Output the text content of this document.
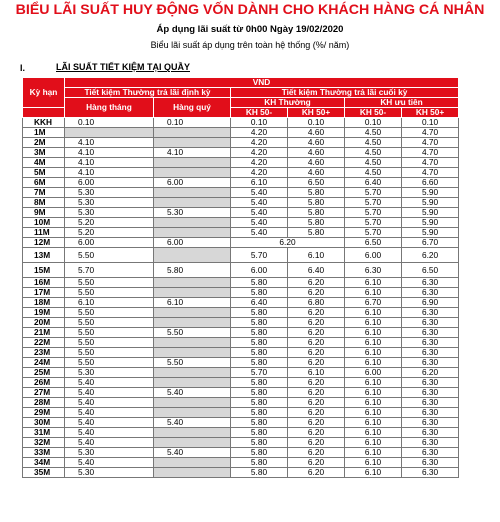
BIỂU LÃI SUẤT HUY ĐỘNG VỐN DÀNH CHO KHÁCH HÀNG CÁ NHÂN
Áp dụng lãi suất từ 0h00 Ngày 19/02/2020
Biểu lãi suất áp dụng trên toàn hệ thống (%/ năm)
I.	LÃI SUẤT TIẾT KIỆM TẠI QUẦY
Kỳ hạn	VND					
	Tiết kiệm Thường trả lãi định kỳ		Tiết kiệm Thường trả lãi cuối kỳ			
	Hàng tháng	Hàng quý	KH Thường		KH ưu tiên	
			KH 50-	KH 50+	KH 50-	KH 50+
KKH	0.10	0.10	0.10	0.10	0.10	0.10
1M			4.20	4.60	4.50	4.70
2M	4.10		4.20	4.60	4.50	4.70
3M	4.10	4.10	4.20	4.60	4.50	4.70
4M	4.10		4.20	4.60	4.50	4.70
5M	4.10		4.20	4.60	4.50	4.70
6M	6.00	6.00	6.10	6.50	6.40	6.60
7M	5.30		5.40	5.80	5.70	5.90
8M	5.30		5.40	5.80	5.70	5.90
9M	5.30	5.30	5.40	5.80	5.70	5.90
10M	5.20		5.40	5.80	5.70	5.90
11M	5.20		5.40	5.80	5.70	5.90
12M	6.00	6.00	6.20		6.50	6.70
13M	5.50		5.70	6.10	6.00	6.20
15M	5.70	5.80	6.00	6.40	6.30	6.50
16M	5.50		5.80	6.20	6.10	6.30
17M	5.50		5.80	6.20	6.10	6.30
18M	6.10	6.10	6.40	6.80	6.70	6.90
19M	5.50		5.80	6.20	6.10	6.30
20M	5.50		5.80	6.20	6.10	6.30
21M	5.50	5.50	5.80	6.20	6.10	6.30
22M	5.50		5.80	6.20	6.10	6.30
23M	5.50		5.80	6.20	6.10	6.30
24M	5.50	5.50	5.80	6.20	6.10	6.30
25M	5.30		5.70	6.10	6.00	6.20
26M	5.40		5.80	6.20	6.10	6.30
27M	5.40	5.40	5.80	6.20	6.10	6.30
28M	5.40		5.80	6.20	6.10	6.30
29M	5.40		5.80	6.20	6.10	6.30
30M	5.40	5.40	5.80	6.20	6.10	6.30
31M	5.40		5.80	6.20	6.10	6.30
32M	5.40		5.80	6.20	6.10	6.30
33M	5.30	5.40	5.80	6.20	6.10	6.30
34M	5.40		5.80	6.20	6.10	6.30
35M	5.30		5.80	6.20	6.10	6.30
